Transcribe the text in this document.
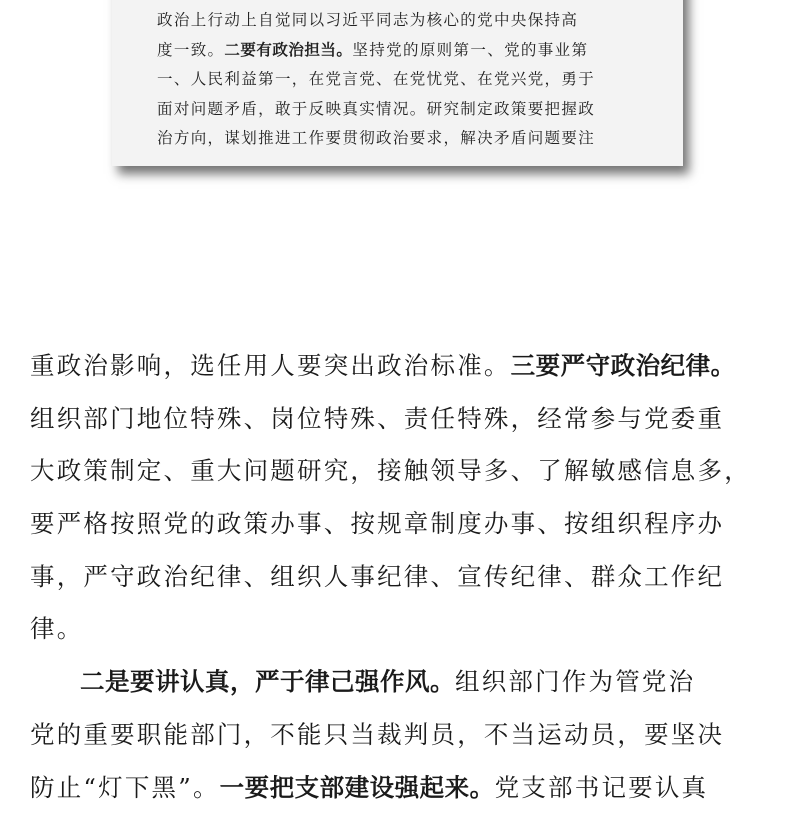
政治上行动上自觉同以习近平同志为核心的党中央保持高
度一致。二要有政治担当。坚持党的原则第一、党的事业第
一、人民利益第一，在党言党、在党忧党、在党兴党，勇于
面对问题矛盾，敢于反映真实情况。研究制定政策要把握政
治方向，谋划推进工作要贯彻政治要求，解决矛盾问题要注
重政治影响，选任用人要突出政治标准。三要严守政治纪律。
组织部门地位特殊、岗位特殊、责任特殊，经常参与党委重
大政策制定、重大问题研究，接触领导多、了解敏感信息多，
要严格按照党的政策办事、按规章制度办事、按组织程序办
事，严守政治纪律、组织人事纪律、宣传纪律、群众工作纪
律。
二是要讲认真，严于律己强作风。组织部门作为管党治
党的重要职能部门，不能只当裁判员，不当运动员，要坚决
防止“灯下黑”。一要把支部建设强起来。党支部书记要认真
